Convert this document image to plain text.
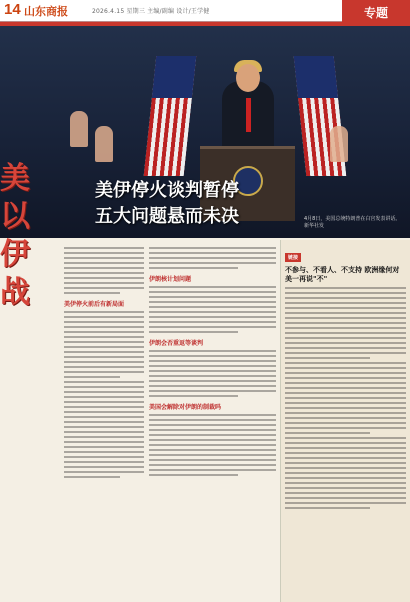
14 山东商报	2026.4.15 星期三 主编/副编 设计/王学健	专题
美伊停火谈判暂停
五大问题悬而未决	4月8日，美国总统特朗普在白宫发表讲话。新华社发
美
以
伊
战	美伊停火前后有新局面
伊朗核计划问题
伊朗会否重返等谈判
美国会解除对伊朗的制裁吗
链接
不参与、不看人、不支持 欧洲缘何对美一再说"不"
